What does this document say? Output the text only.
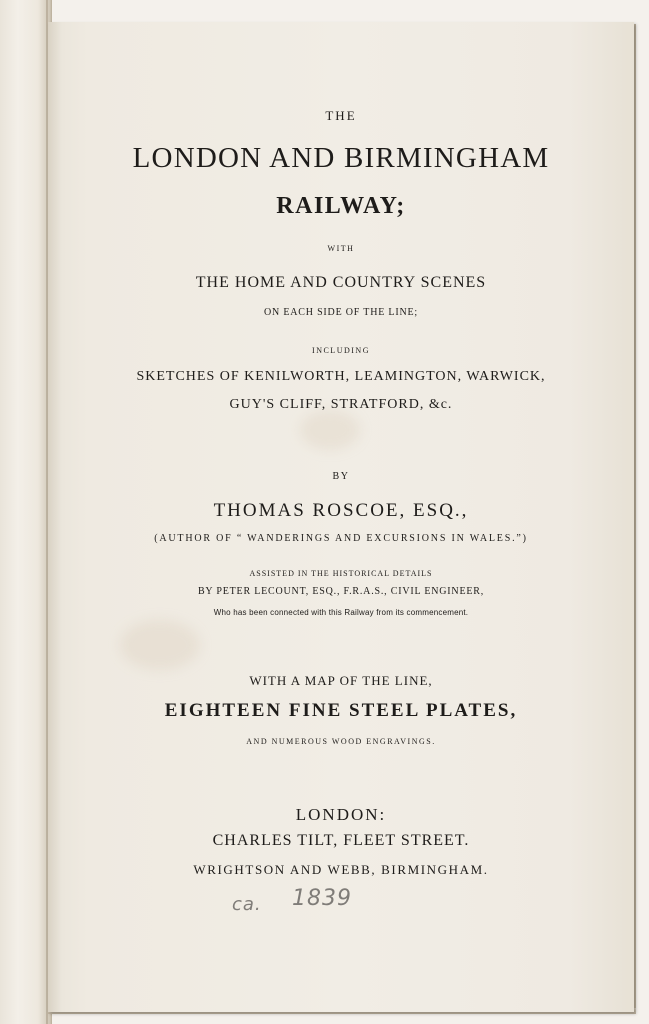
THE
LONDON AND BIRMINGHAM
RAILWAY;
WITH
THE HOME AND COUNTRY SCENES
ON EACH SIDE OF THE LINE;
INCLUDING
SKETCHES OF KENILWORTH, LEAMINGTON, WARWICK,
GUY'S CLIFF, STRATFORD, &c.
BY
THOMAS ROSCOE, ESQ.,
(AUTHOR OF “ WANDERINGS AND EXCURSIONS IN WALES.”)
ASSISTED IN THE HISTORICAL DETAILS
BY PETER LECOUNT, ESQ., F.R.A.S., CIVIL ENGINEER,
Who has been connected with this Railway from its commencement.
WITH A MAP OF THE LINE,
EIGHTEEN FINE STEEL PLATES,
AND NUMEROUS WOOD ENGRAVINGS.
LONDON:
CHARLES TILT, FLEET STREET.
WRIGHTSON AND WEBB, BIRMINGHAM.
ca. 1839
